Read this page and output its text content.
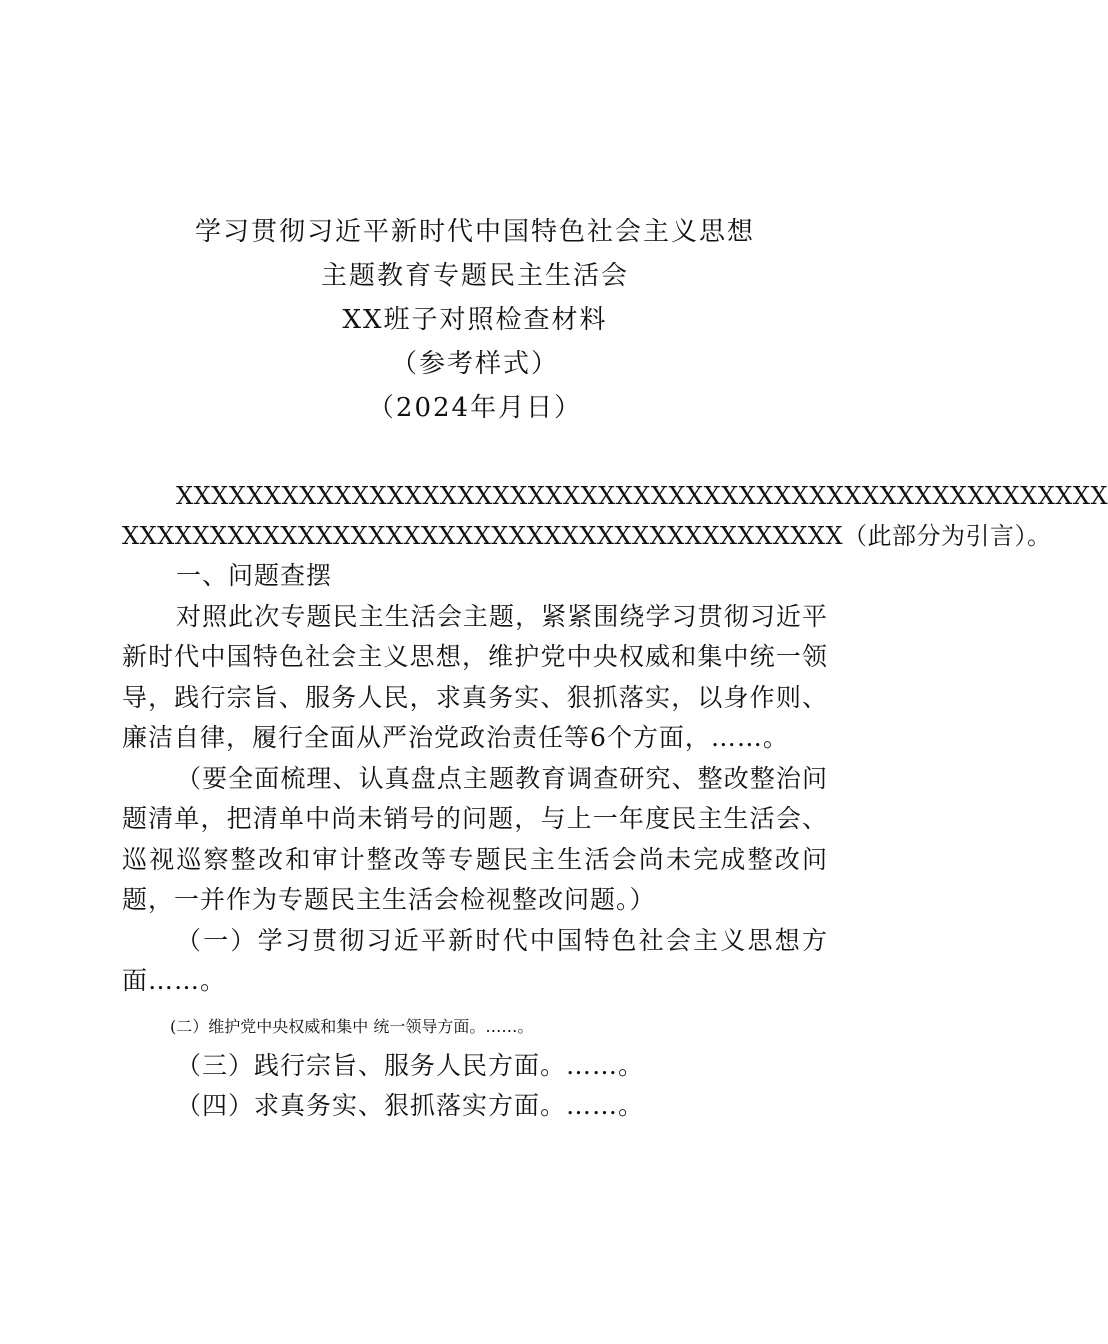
学习贯彻习近平新时代中国特色社会主义思想
主题教育专题民主生活会
XX班子对照检查材料
（参考样式）
（2024年月日）
XXXXXXXXXXXXXXXXXXXXXXXXXXXXXXXXXXXXXXXXXXXXXXXXXXXXX
XXXXXXXXXXXXXXXXXXXXXXXXXXXXXXXXXXXXXXXXX（此部分为引言）。

一、问题查摆

对照此次专题民主生活会主题，紧紧围绕学习贯彻习近平新时代中国特色社会主义思想，维护党中央权威和集中统一领导，践行宗旨、服务人民，求真务实、狠抓落实，以身作则、廉洁自律，履行全面从严治党政治责任等6个方面，……。

（要全面梳理、认真盘点主题教育调查研究、整改整治问题清单，把清单中尚未销号的问题，与上一年度民主生活会、巡视巡察整改和审计整改等专题民主生活会尚未完成整改问题，一并作为专题民主生活会检视整改问题。）

（一）学习贯彻习近平新时代中国特色社会主义思想方面……。

(二）维护党中央权威和集中 统一领导方面。……。

（三）践行宗旨、服务人民方面。……。

（四）求真务实、狠抓落实方面。……。
